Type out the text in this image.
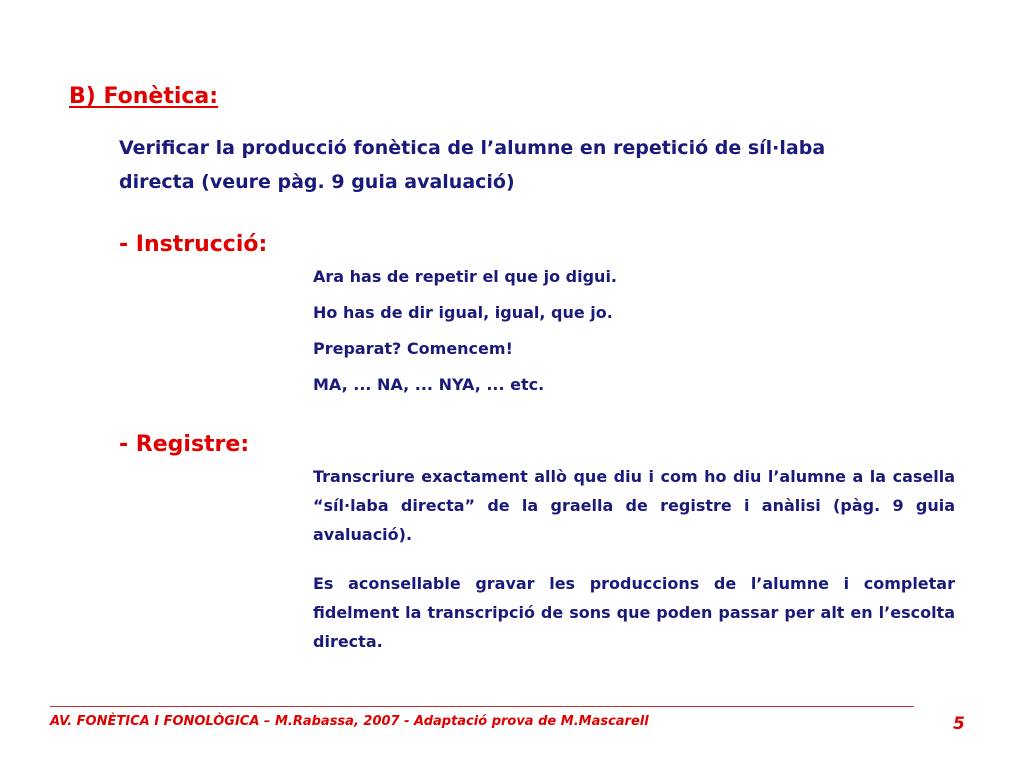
B) Fonètica:
Verificar la producció fonètica de l’alumne en repetició de síl·laba directa (veure pàg. 9 guia avaluació)
- Instrucció:
Ara has de repetir el que jo digui.
Ho has de dir igual, igual, que jo.
Preparat? Comencem!
MA, ... NA, ... NYA, ... etc.
- Registre:

Transcriure exactament allò que diu i com ho diu l’alumne a la casella “síl·laba directa” de la graella de registre i anàlisi (pàg. 9 guia avaluació).

Es aconsellable gravar les produccions de l’alumne i completar fidelment la transcripció de sons que poden passar per alt en l’escolta directa.

AV. FONÈTICA I FONOLÒGICA – M.Rabassa, 2007 - Adaptació prova de M.Mascarell	5
